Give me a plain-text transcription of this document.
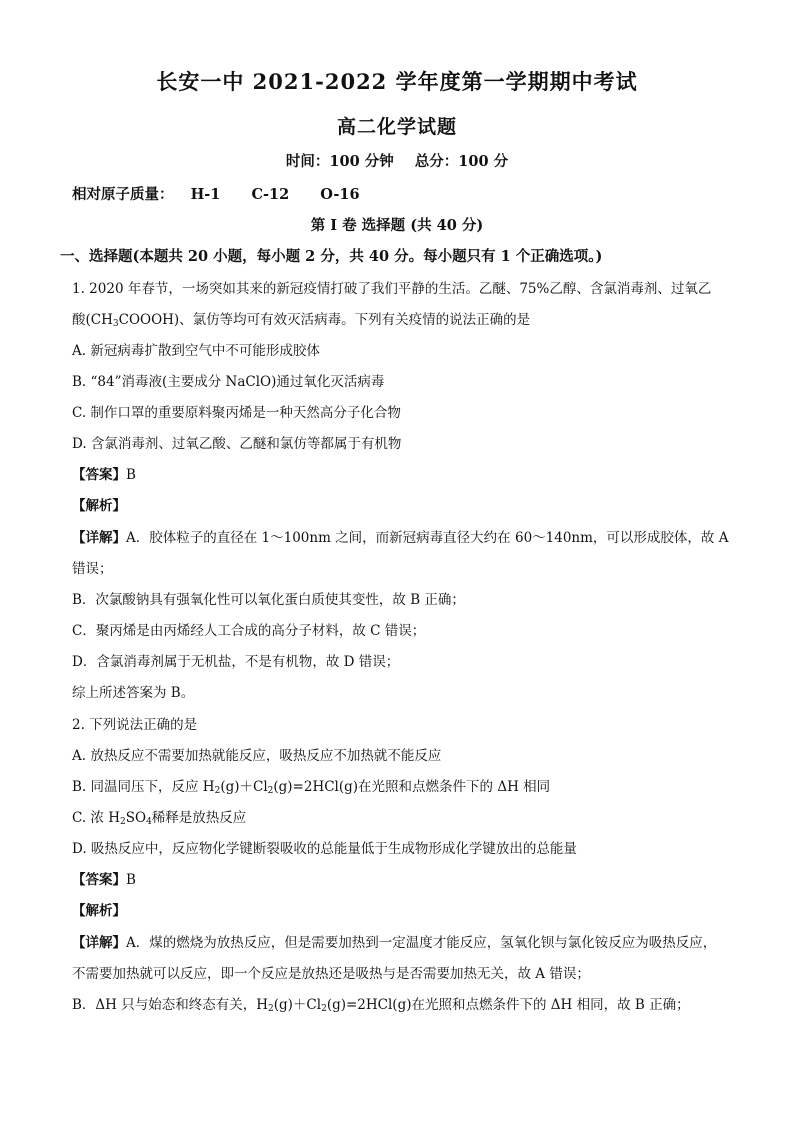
长安一中 2021-2022 学年度第一学期期中考试
高二化学试题
时间：100 分钟 总分：100 分
相对原子质量： H-1 C-12 O-16
第 I 卷 选择题 (共 40 分)
一、选择题(本题共 20 小题，每小题 2 分，共 40 分。每小题只有 1 个正确选项。)
1. 2020 年春节，一场突如其来的新冠疫情打破了我们平静的生活。乙醚、75%乙醇、含氯消毒剂、过氧乙
酸$(CH_3COOOH)$、氯仿等均可有效灭活病毒。下列有关疫情的说法正确的是
A. 新冠病毒扩散到空气中不可能形成胶体
B. “84”消毒液(主要成分 NaClO)通过氧化灭活病毒
C. 制作口罩的重要原料聚丙烯是一种天然高分子化合物
D. 含氯消毒剂、过氧乙酸、乙醚和氯仿等都属于有机物
【答案】B
【解析】
【详解】A．胶体粒子的直径在 1～100nm 之间，而新冠病毒直径大约在 60～140nm，可以形成胶体，故 A
错误；
B．次氯酸钠具有强氧化性可以氧化蛋白质使其变性，故 B 正确；
C．聚丙烯是由丙烯经人工合成的高分子材料，故 C 错误；
D．含氯消毒剂属于无机盐，不是有机物，故 D 错误；
综上所述答案为 B。
2. 下列说法正确的是
A. 放热反应不需要加热就能反应，吸热反应不加热就不能反应
B. 同温同压下，反应 $H_2(g)+Cl_2(g)=2HCl(g)$在光照和点燃条件下的 ΔH 相同
C. 浓 $H_2SO_4$稀释是放热反应
D. 吸热反应中，反应物化学键断裂吸收的总能量低于生成物形成化学键放出的总能量
【答案】B
【解析】
【详解】A．煤的燃烧为放热反应，但是需要加热到一定温度才能反应，氢氧化钡与氯化铵反应为吸热反应，
不需要加热就可以反应，即一个反应是放热还是吸热与是否需要加热无关，故 A 错误；
B．ΔH 只与始态和终态有关，$H_2(g)+Cl_2(g)=2HCl(g)$在光照和点燃条件下的 ΔH 相同，故 B 正确；
